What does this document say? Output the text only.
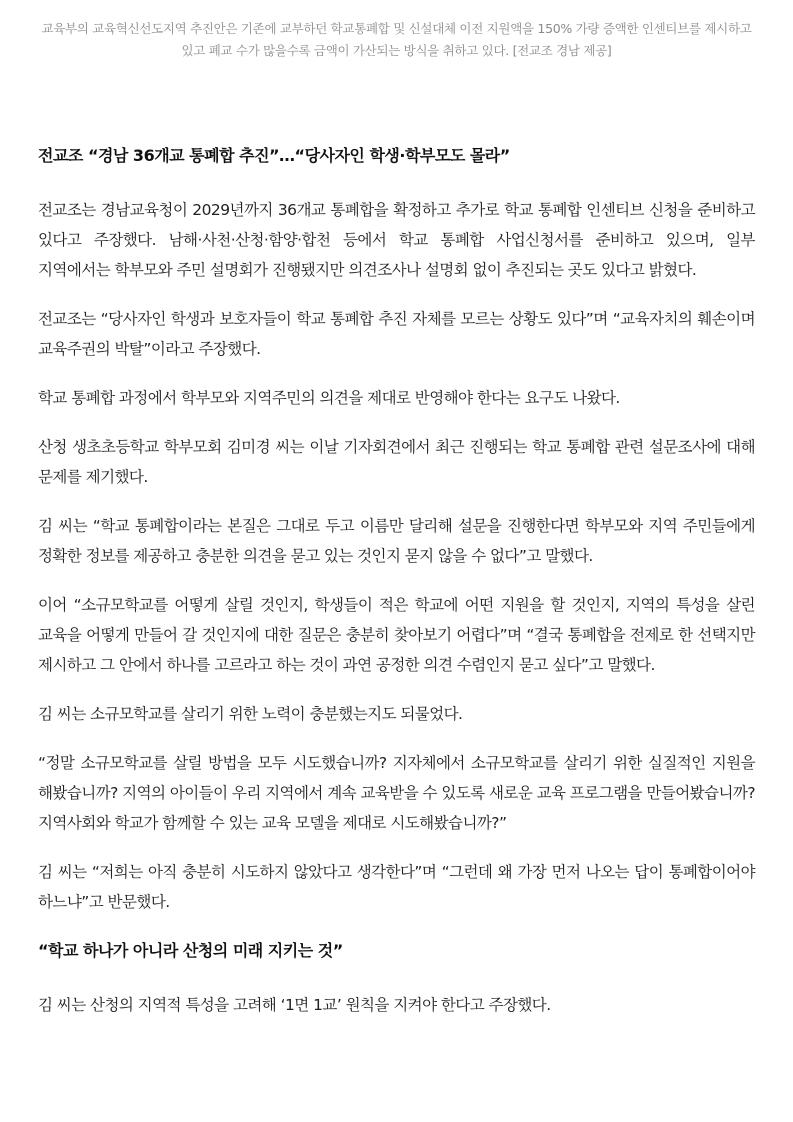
교육부의 교육혁신선도지역 추진안은 기존에 교부하던 학교통폐합 및 신설대체 이전 지원액을 150% 가량 증액한 인센티브를 제시하고 있고 폐교 수가 많을수록 금액이 가산되는 방식을 취하고 있다. [전교조 경남 제공]

전교조 “경남 36개교 통폐합 추진”…“당사자인 학생·학부모도 몰라”

전교조는 경남교육청이 2029년까지 36개교 통폐합을 확정하고 추가로 학교 통폐합 인센티브 신청을 준비하고 있다고 주장했다. 남해·사천·산청·함양·합천 등에서 학교 통폐합 사업신청서를 준비하고 있으며, 일부 지역에서는 학부모와 주민 설명회가 진행됐지만 의견조사나 설명회 없이 추진되는 곳도 있다고 밝혔다.

전교조는 “당사자인 학생과 보호자들이 학교 통폐합 추진 자체를 모르는 상황도 있다”며 “교육자치의 훼손이며 교육주권의 박탈”이라고 주장했다.

학교 통폐합 과정에서 학부모와 지역주민의 의견을 제대로 반영해야 한다는 요구도 나왔다.

산청 생초초등학교 학부모회 김미경 씨는 이날 기자회견에서 최근 진행되는 학교 통폐합 관련 설문조사에 대해 문제를 제기했다.

김 씨는 “학교 통폐합이라는 본질은 그대로 두고 이름만 달리해 설문을 진행한다면 학부모와 지역 주민들에게 정확한 정보를 제공하고 충분한 의견을 묻고 있는 것인지 묻지 않을 수 없다”고 말했다.

이어 “소규모학교를 어떻게 살릴 것인지, 학생들이 적은 학교에 어떤 지원을 할 것인지, 지역의 특성을 살린 교육을 어떻게 만들어 갈 것인지에 대한 질문은 충분히 찾아보기 어렵다”며 “결국 통폐합을 전제로 한 선택지만 제시하고 그 안에서 하나를 고르라고 하는 것이 과연 공정한 의견 수렴인지 묻고 싶다”고 말했다.

김 씨는 소규모학교를 살리기 위한 노력이 충분했는지도 되물었다.

“정말 소규모학교를 살릴 방법을 모두 시도했습니까? 지자체에서 소규모학교를 살리기 위한 실질적인 지원을 해봤습니까? 지역의 아이들이 우리 지역에서 계속 교육받을 수 있도록 새로운 교육 프로그램을 만들어봤습니까? 지역사회와 학교가 함께할 수 있는 교육 모델을 제대로 시도해봤습니까?”

김 씨는 “저희는 아직 충분히 시도하지 않았다고 생각한다”며 “그런데 왜 가장 먼저 나오는 답이 통폐합이어야 하느냐”고 반문했다.

“학교 하나가 아니라 산청의 미래 지키는 것”

김 씨는 산청의 지역적 특성을 고려해 ‘1면 1교’ 원칙을 지켜야 한다고 주장했다.
